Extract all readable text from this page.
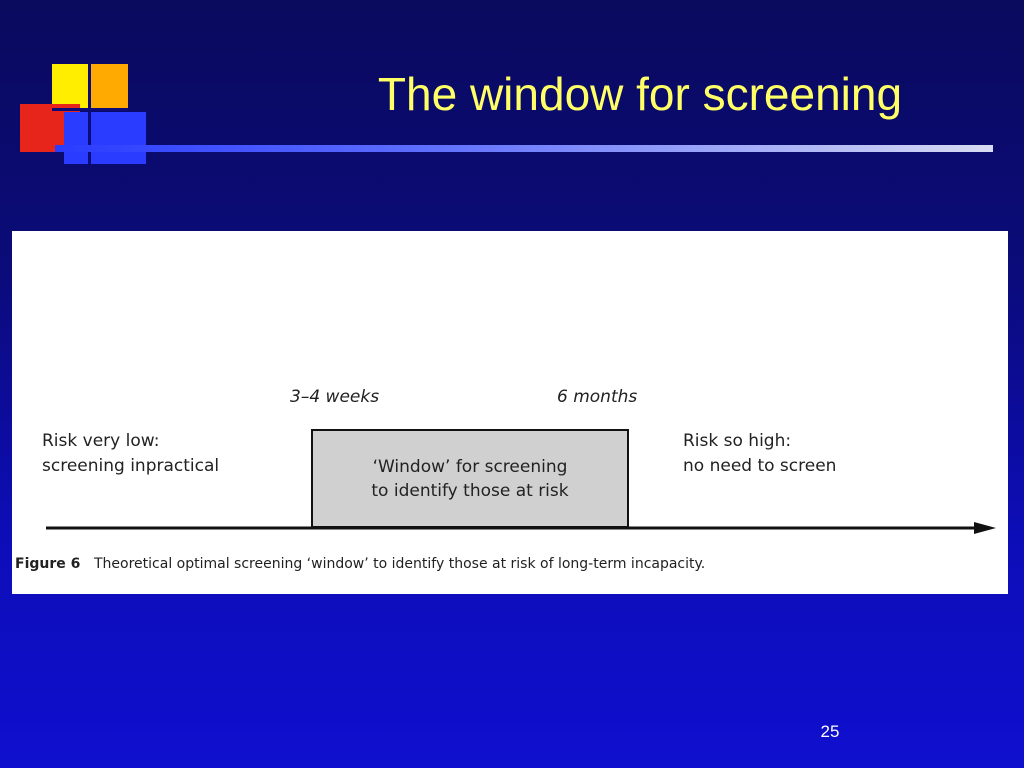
The window for screening
3–4 weeks	6 months
Risk very low:
screening inpractical	‘Window’ for screening
to identify those at risk
Risk so high:
no need to screen
Figure 6 Theoretical optimal screening ‘window’ to identify those at risk of long-term incapacity.
25
